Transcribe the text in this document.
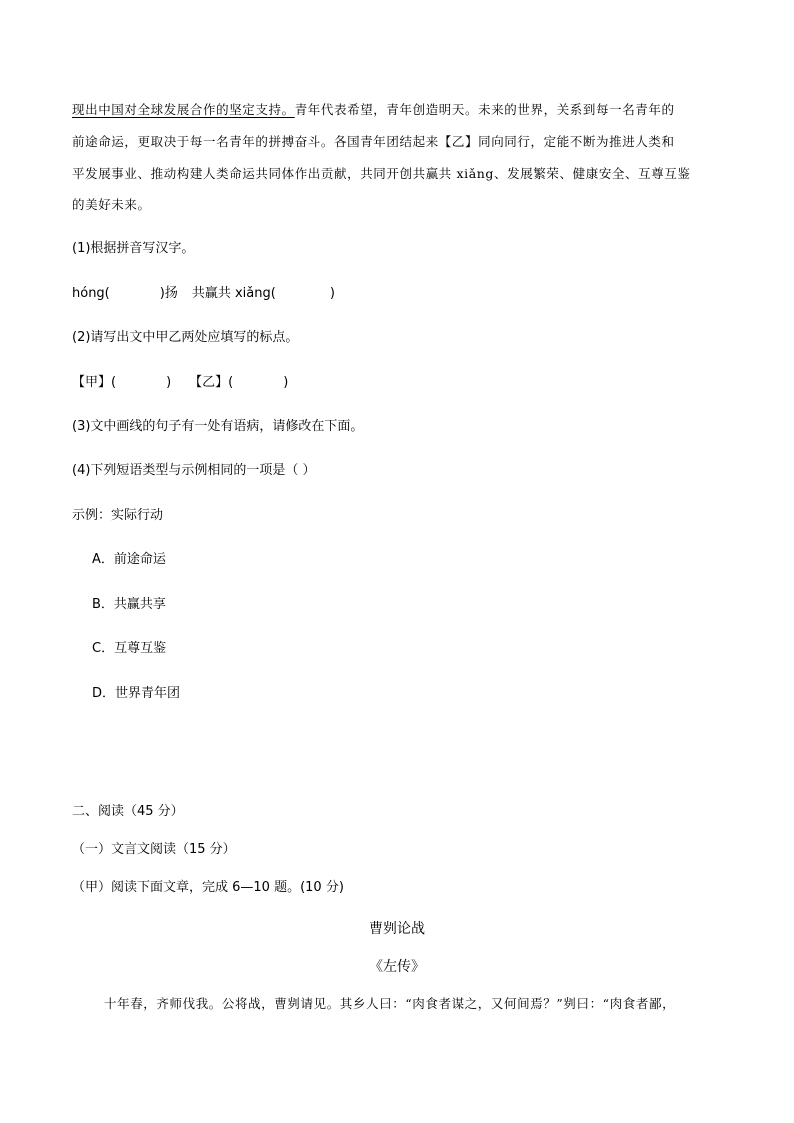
现出中国对全球发展合作的坚定支持。青年代表希望，青年创造明天。未来的世界，关系到每一名青年的
前途命运，更取决于每一名青年的拼搏奋斗。各国青年团结起来【乙】同向同行，定能不断为推进人类和
平发展事业、推动构建人类命运共同体作出贡献，共同开创共赢共 xiǎng、发展繁荣、健康安全、互尊互鉴
的美好未来。
(1)根据拼音写汉字。
hóng(	)扬 共赢共 xiǎng(	)
(2)请写出文中甲乙两处应填写的标点。
【甲】(	) 【乙】(	)
(3)文中画线的句子有一处有语病，请修改在下面。
(4)下列短语类型与示例相同的一项是（ ）
示例：实际行动
A．前途命运
B．共赢共享
C．互尊互鉴
D．世界青年团
二、阅读（45 分）
（一）文言文阅读（15 分）
（甲）阅读下面文章，完成 6—10 题。(10 分)
曹刿论战
《左传》
十年春，齐师伐我。公将战，曹刿请见。其乡人曰：“肉食者谋之，又何间焉？”刿曰：“肉食者鄙，
